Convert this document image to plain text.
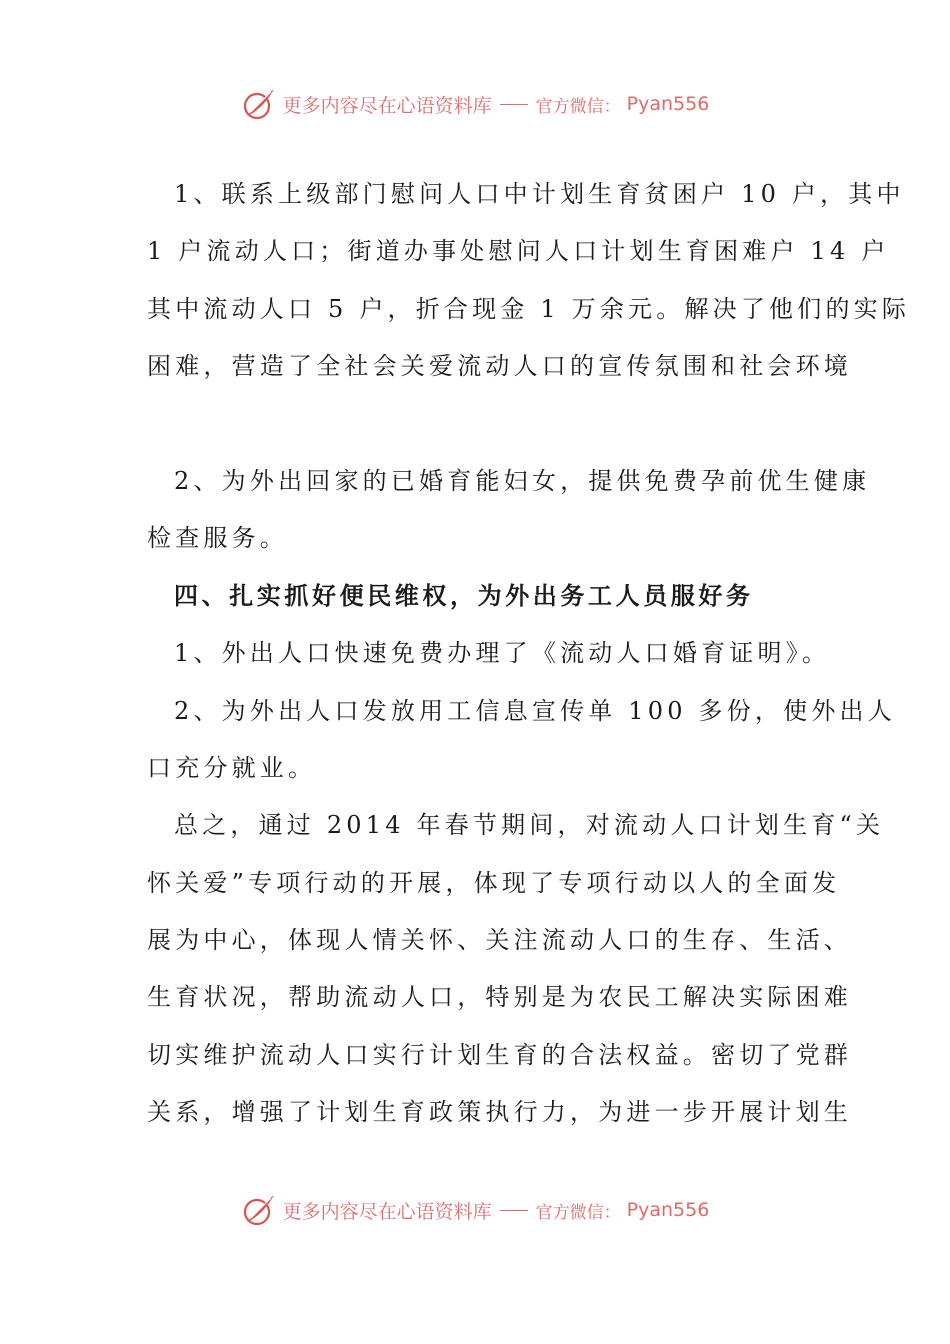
更多内容尽在心语资料库	官方微信： Pyan556
1、联系上级部门慰问人口中计划生育贫困户 10 户，其中
1 户流动人口；街道办事处慰问人口计划生育困难户 14 户
其中流动人口 5 户，折合现金 1 万余元。解决了他们的实际
困难，营造了全社会关爱流动人口的宣传氛围和社会环境
2、为外出回家的已婚育能妇女，提供免费孕前优生健康
检查服务。
四、扎实抓好便民维权，为外出务工人员服好务
1、外出人口快速免费办理了《流动人口婚育证明》。
2、为外出人口发放用工信息宣传单 100 多份，使外出人
口充分就业。
总之，通过 2014 年春节期间，对流动人口计划生育“关
怀关爱”专项行动的开展，体现了专项行动以人的全面发
展为中心，体现人情关怀、关注流动人口的生存、生活、
生育状况，帮助流动人口，特别是为农民工解决实际困难
切实维护流动人口实行计划生育的合法权益。密切了党群
关系，增强了计划生育政策执行力，为进一步开展计划生
更多内容尽在心语资料库	官方微信： Pyan556
